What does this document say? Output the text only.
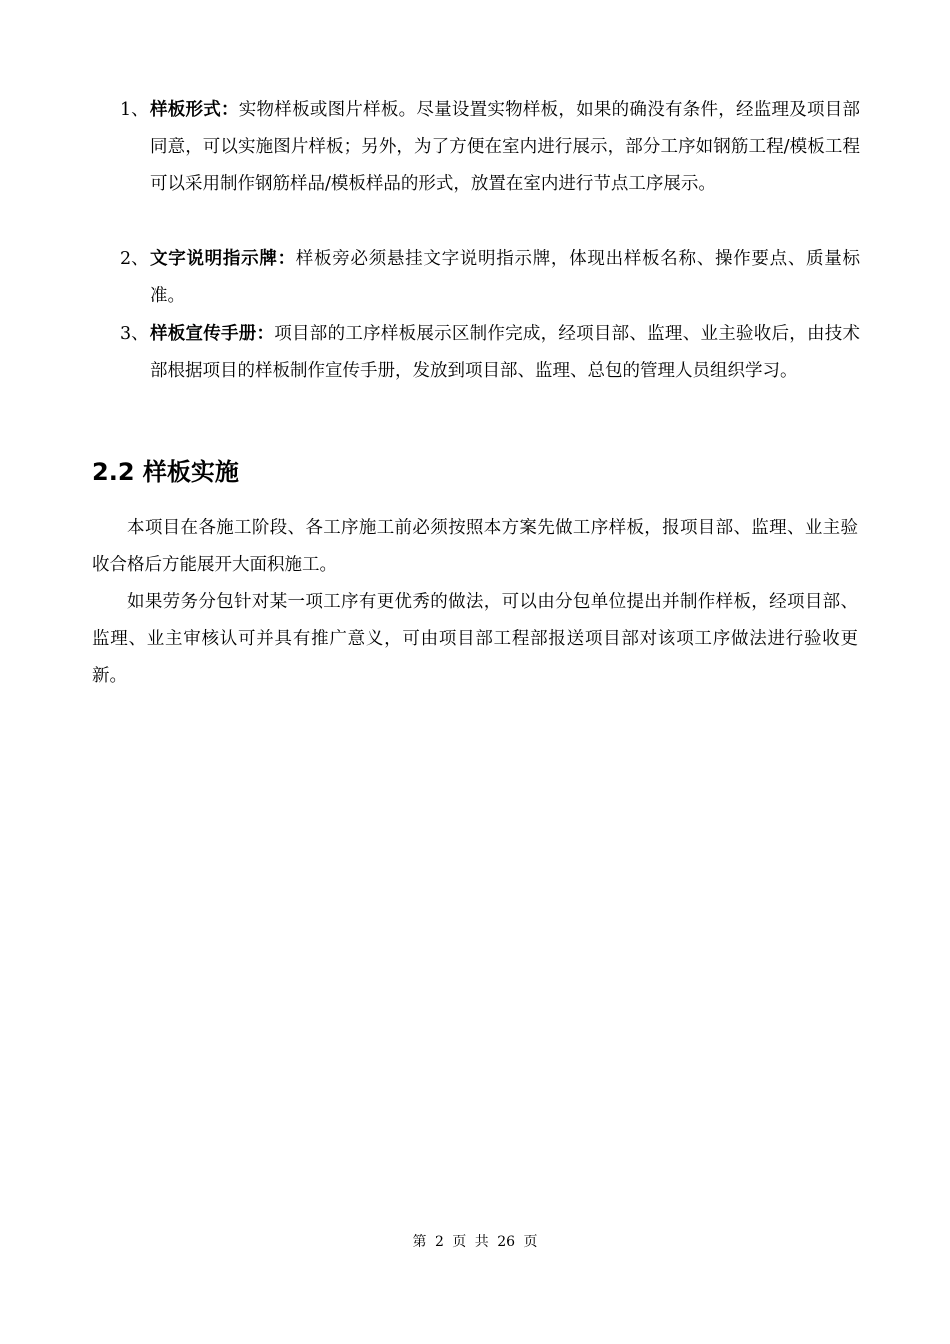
1、 样板形式：实物样板或图片样板。尽量设置实物样板，如果的确没有条件，经监理及项目部同意，可以实施图片样板；另外，为了方便在室内进行展示，部分工序如钢筋工程/模板工程可以采用制作钢筋样品/模板样品的形式，放置在室内进行节点工序展示。
2、 文字说明指示牌：样板旁必须悬挂文字说明指示牌，体现出样板名称、操作要点、质量标准。
3、 样板宣传手册：项目部的工序样板展示区制作完成，经项目部、监理、业主验收后，由技术部根据项目的样板制作宣传手册，发放到项目部、监理、总包的管理人员组织学习。
2.2 样板实施
本项目在各施工阶段、各工序施工前必须按照本方案先做工序样板，报项目部、监理、业主验收合格后方能展开大面积施工。
如果劳务分包针对某一项工序有更优秀的做法，可以由分包单位提出并制作样板，经项目部、监理、业主审核认可并具有推广意义，可由项目部工程部报送项目部对该项工序做法进行验收更新。
第 2 页 共 26 页
